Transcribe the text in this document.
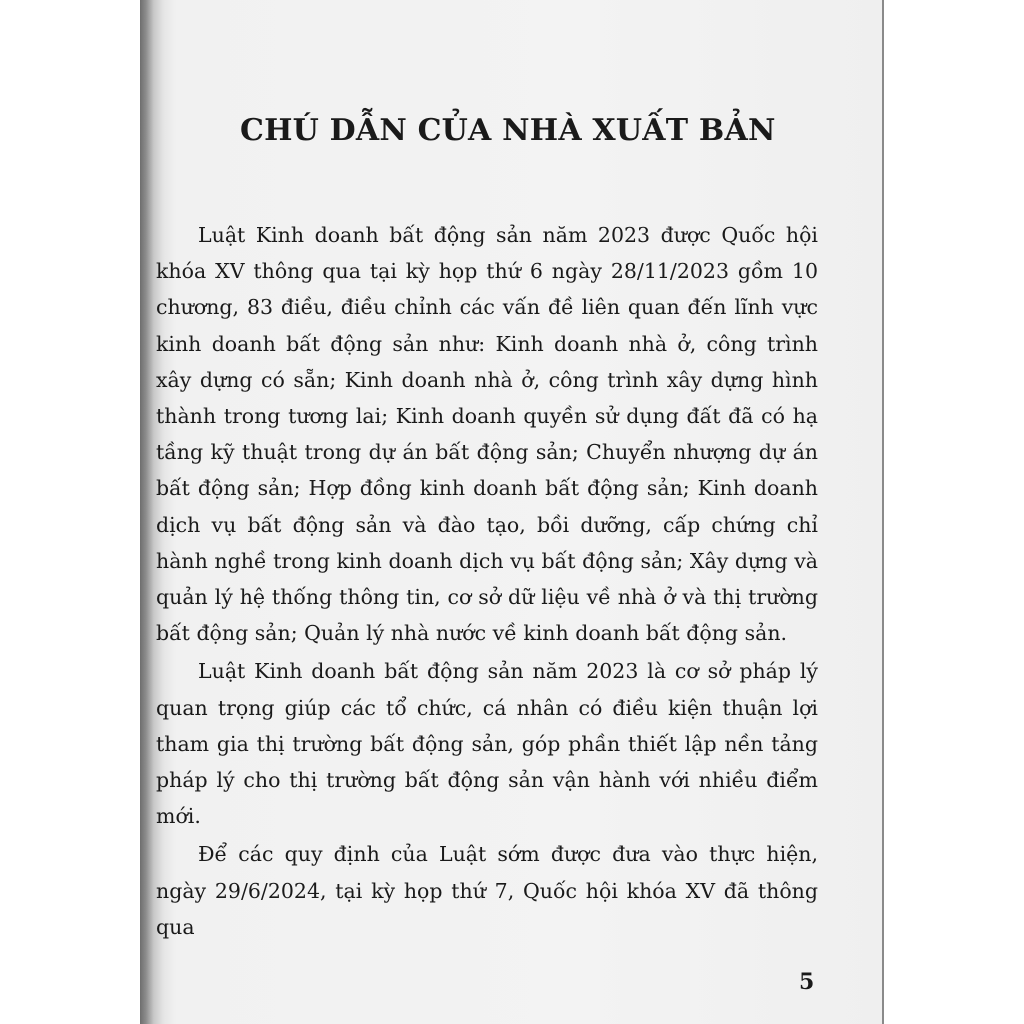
CHÚ DẪN CỦA NHÀ XUẤT BẢN

Luật Kinh doanh bất động sản năm 2023 được Quốc hội khóa XV thông qua tại kỳ họp thứ 6 ngày 28/11/2023 gồm 10 chương, 83 điều, điều chỉnh các vấn đề liên quan đến lĩnh vực kinh doanh bất động sản như: Kinh doanh nhà ở, công trình xây dựng có sẵn; Kinh doanh nhà ở, công trình xây dựng hình thành trong tương lai; Kinh doanh quyền sử dụng đất đã có hạ tầng kỹ thuật trong dự án bất động sản; Chuyển nhượng dự án bất động sản; Hợp đồng kinh doanh bất động sản; Kinh doanh dịch vụ bất động sản và đào tạo, bồi dưỡng, cấp chứng chỉ hành nghề trong kinh doanh dịch vụ bất động sản; Xây dựng và quản lý hệ thống thông tin, cơ sở dữ liệu về nhà ở và thị trường bất động sản; Quản lý nhà nước về kinh doanh bất động sản.

Luật Kinh doanh bất động sản năm 2023 là cơ sở pháp lý quan trọng giúp các tổ chức, cá nhân có điều kiện thuận lợi tham gia thị trường bất động sản, góp phần thiết lập nền tảng pháp lý cho thị trường bất động sản vận hành với nhiều điểm mới.

Để các quy định của Luật sớm được đưa vào thực hiện, ngày 29/6/2024, tại kỳ họp thứ 7, Quốc hội khóa XV đã thông qua

5
